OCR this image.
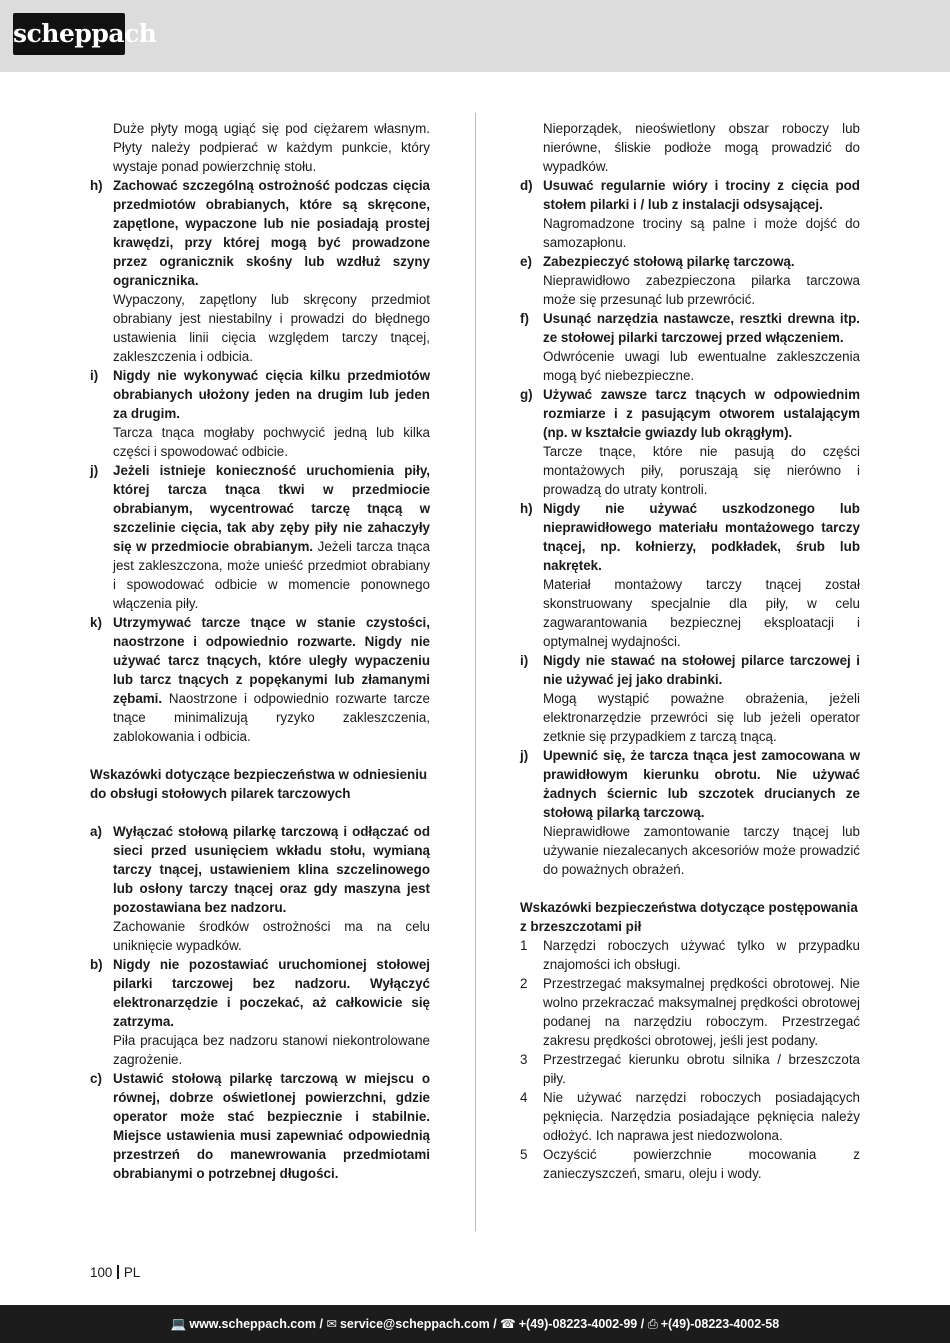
scheppach

Duże płyty mogą ugiąć się pod ciężarem własnym. Płyty należy podpierać w każdym punkcie, który wystaje ponad powierzchnię stołu.

h) Zachować szczególną ostrożność podczas cięcia przedmiotów obrabianych, które są skręcone, zapętlone, wypaczone lub nie posiadają prostej krawędzi, przy której mogą być prowadzone przez ogranicznik skośny lub wzdłuż szyny ogranicznika.
Wypaczony, zapętlony lub skręcony przedmiot obrabiany jest niestabilny i prowadzi do błędnego ustawienia linii cięcia względem tarczy tnącej, zakleszczenia i odbicia.
i) Nigdy nie wykonywać cięcia kilku przedmiotów obrabianych ułożony jeden na drugim lub jeden za drugim.
Tarcza tnąca mogłaby pochwycić jedną lub kilka części i spowodować odbicie.
j) Jeżeli istnieje konieczność uruchomienia piły, której tarcza tnąca tkwi w przedmiocie obrabianym, wycentrować tarczę tnącą w szczelinie cięcia, tak aby zęby piły nie zahaczyły się w przedmiocie obrabianym. Jeżeli tarcza tnąca jest zakleszczona, może unieść przedmiot obrabiany i spowodować odbicie w momencie ponownego włączenia piły.
k) Utrzymywać tarcze tnące w stanie czystości, naostrzone i odpowiednio rozwarte. Nigdy nie używać tarcz tnących, które uległy wypaczeniu lub tarcz tnących z popękanymi lub złamanymi zębami. Naostrzone i odpowiednio rozwarte tarcze tnące minimalizują ryzyko zakleszczenia, zablokowania i odbicia.

Wskazówki dotyczące bezpieczeństwa w odniesieniu do obsługi stołowych pilarek tarczowych

a) Wyłączać stołową pilarkę tarczową i odłączać od sieci przed usunięciem wkładu stołu, wymianą tarczy tnącej, ustawieniem klina szczelinowego lub osłony tarczy tnącej oraz gdy maszyna jest pozostawiana bez nadzoru.
Zachowanie środków ostrożności ma na celu uniknięcie wypadków.
b) Nigdy nie pozostawiać uruchomionej stołowej pilarki tarczowej bez nadzoru. Wyłączyć elektronarzędzie i poczekać, aż całkowicie się zatrzyma.
Piła pracująca bez nadzoru stanowi niekontrolowane zagrożenie.
c) Ustawić stołową pilarkę tarczową w miejscu o równej, dobrze oświetlonej powierzchni, gdzie operator może stać bezpiecznie i stabilnie. Miejsce ustawienia musi zapewniać odpowiednią przestrzeń do manewrowania przedmiotami obrabianymi o potrzebnej długości.

Nieporządek, nieoświetlony obszar roboczy lub nierówne, śliskie podłoże mogą prowadzić do wypadków.

d) Usuwać regularnie wióry i trociny z cięcia pod stołem pilarki i / lub z instalacji odsysającej.
Nagromadzone trociny są palne i może dojść do samozapłonu.
e) Zabezpieczyć stołową pilarkę tarczową.
Nieprawidłowo zabezpieczona pilarka tarczowa może się przesunąć lub przewrócić.
f) Usunąć narzędzia nastawcze, resztki drewna itp. ze stołowej pilarki tarczowej przed włączeniem.
Odwrócenie uwagi lub ewentualne zakleszczenia mogą być niebezpieczne.
g) Używać zawsze tarcz tnących w odpowiednim rozmiarze i z pasującym otworem ustalającym (np. w kształcie gwiazdy lub okrągłym).
Tarcze tnące, które nie pasują do części montażowych piły, poruszają się nierówno i prowadzą do utraty kontroli.
h) Nigdy nie używać uszkodzonego lub nieprawidłowego materiału montażowego tarczy tnącej, np. kołnierzy, podkładek, śrub lub nakrętek.
Materiał montażowy tarczy tnącej został skonstruowany specjalnie dla piły, w celu zagwarantowania bezpiecznej eksploatacji i optymalnej wydajności.
i) Nigdy nie stawać na stołowej pilarce tarczowej i nie używać jej jako drabinki.
Mogą wystąpić poważne obrażenia, jeżeli elektronarzędzie przewróci się lub jeżeli operator zetknie się przypadkiem z tarczą tnącą.
j) Upewnić się, że tarcza tnąca jest zamocowana w prawidłowym kierunku obrotu. Nie używać żadnych ściernic lub szczotek drucianych ze stołową pilarką tarczową.
Nieprawidłowe zamontowanie tarczy tnącej lub używanie niezalecanych akcesoriów może prowadzić do poważnych obrażeń.

Wskazówki bezpieczeństwa dotyczące postępowania z brzeszczotami pił

1 Narzędzi roboczych używać tylko w przypadku znajomości ich obsługi.
2 Przestrzegać maksymalnej prędkości obrotowej. Nie wolno przekraczać maksymalnej prędkości obrotowej podanej na narzędziu roboczym. Przestrzegać zakresu prędkości obrotowej, jeśli jest podany.
3 Przestrzegać kierunku obrotu silnika / brzeszczota piły.
4 Nie używać narzędzi roboczych posiadających pęknięcia. Narzędzia posiadające pęknięcia należy odłożyć. Ich naprawa jest niedozwolona.
5 Oczyścić powierzchnie mocowania z zanieczyszczeń, smaru, oleju i wody.
100 PL
💻 www.scheppach.com / ✉ service@scheppach.com / ☎ +(49)-08223-4002-99 / ⎙ +(49)-08223-4002-58
